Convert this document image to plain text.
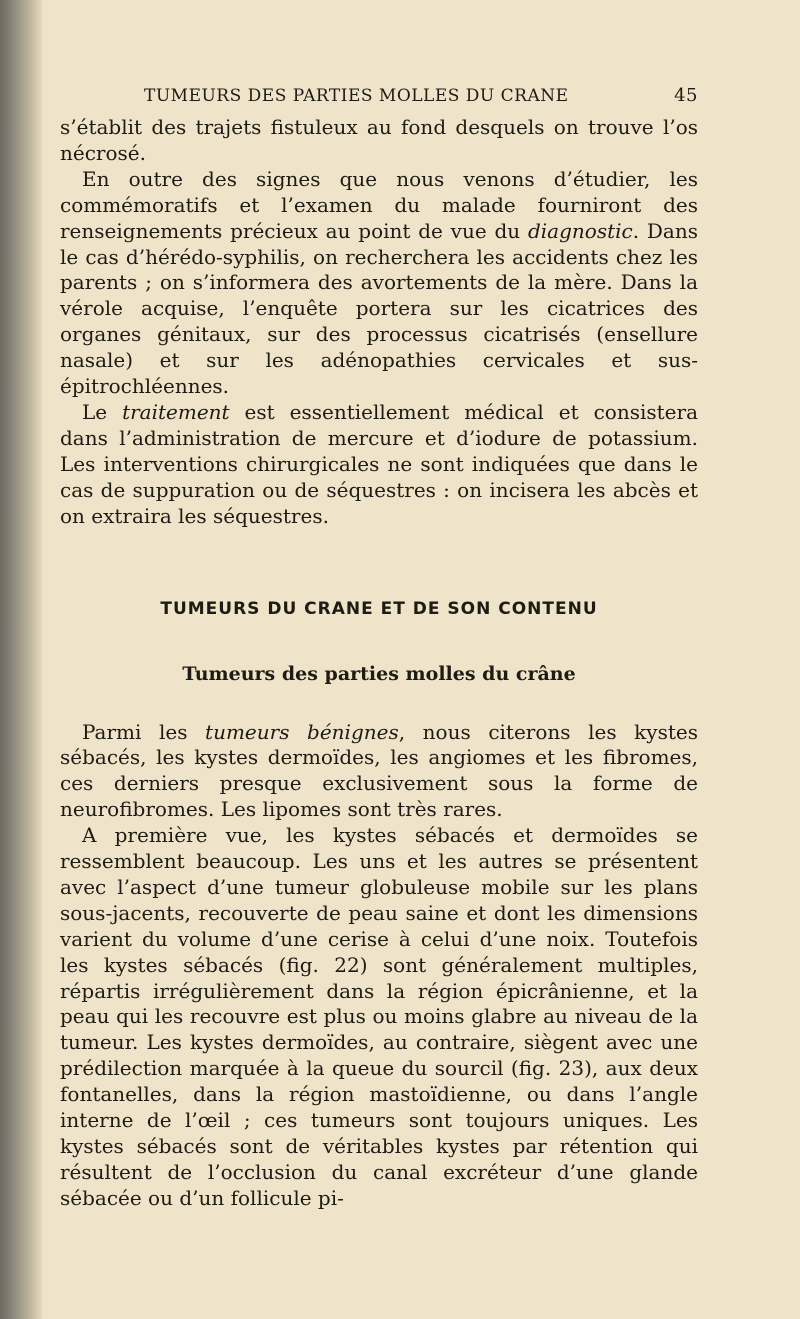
TUMEURS DES PARTIES MOLLES DU CRANE	45

s’établit des trajets fistuleux au fond desquels on trouve l’os nécrosé.

En outre des signes que nous venons d’étudier, les commémoratifs et l’examen du malade fourniront des renseignements précieux au point de vue du diagnostic. Dans le cas d’hérédo-syphilis, on recherchera les accidents chez les parents ; on s’informera des avortements de la mère. Dans la vérole acquise, l’enquête portera sur les cicatrices des organes génitaux, sur des processus cicatrisés (ensellure nasale) et sur les adénopathies cervicales et sus-épitrochléennes.

Le traitement est essentiellement médical et consistera dans l’administration de mercure et d’iodure de potassium. Les interventions chirurgicales ne sont indiquées que dans le cas de suppuration ou de séquestres : on incisera les abcès et on extraira les séquestres.

TUMEURS DU CRANE ET DE SON CONTENU
Tumeurs des parties molles du crâne

Parmi les tumeurs bénignes, nous citerons les kystes sébacés, les kystes dermoïdes, les angiomes et les fibromes, ces derniers presque exclusivement sous la forme de neurofibromes. Les lipomes sont très rares.

A première vue, les kystes sébacés et dermoïdes se ressemblent beaucoup. Les uns et les autres se présentent avec l’aspect d’une tumeur globuleuse mobile sur les plans sous-jacents, recouverte de peau saine et dont les dimensions varient du volume d’une cerise à celui d’une noix. Toutefois les kystes sébacés (fig. 22) sont généralement multiples, répartis irrégulièrement dans la région épicrânienne, et la peau qui les recouvre est plus ou moins glabre au niveau de la tumeur. Les kystes dermoïdes, au contraire, siègent avec une prédilection marquée à la queue du sourcil (fig. 23), aux deux fontanelles, dans la région mastoïdienne, ou dans l’angle interne de l’œil ; ces tumeurs sont toujours uniques. Les kystes sébacés sont de véritables kystes par rétention qui résultent de l’occlusion du canal excréteur d’une glande sébacée ou d’un follicule pi-
